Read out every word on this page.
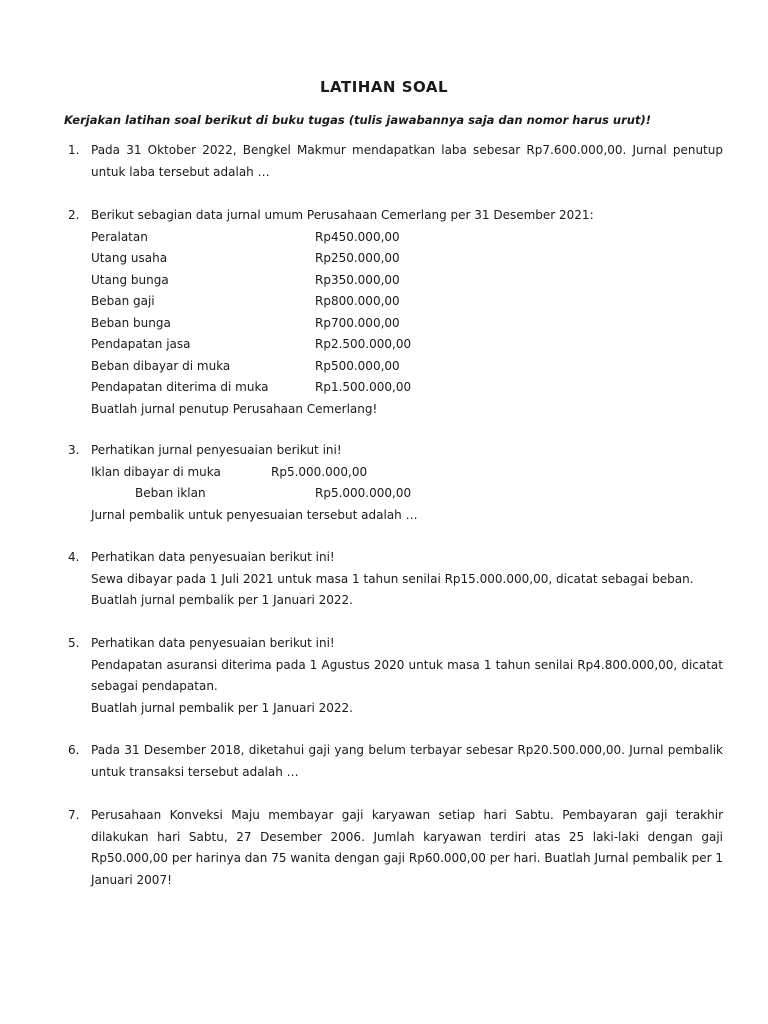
LATIHAN SOAL
Kerjakan latihan soal berikut di buku tugas (tulis jawabannya saja dan nomor harus urut)!
1. Pada 31 Oktober 2022, Bengkel Makmur mendapatkan laba sebesar Rp7.600.000,00. Jurnal penutup untuk laba tersebut adalah …
2. Berikut sebagian data jurnal umum Perusahaan Cemerlang per 31 Desember 2021:
Peralatan	Rp450.000,00
Utang usaha	Rp250.000,00
Utang bunga	Rp350.000,00
Beban gaji	Rp800.000,00
Beban bunga	Rp700.000,00
Pendapatan jasa	Rp2.500.000,00
Beban dibayar di muka	Rp500.000,00
Pendapatan diterima di muka	Rp1.500.000,00
Buatlah jurnal penutup Perusahaan Cemerlang!
3. Perhatikan jurnal penyesuaian berikut ini!
Iklan dibayar di muka	Rp5.000.000,00
Beban iklan	Rp5.000.000,00
Jurnal pembalik untuk penyesuaian tersebut adalah …
4. Perhatikan data penyesuaian berikut ini!
Sewa dibayar pada 1 Juli 2021 untuk masa 1 tahun senilai Rp15.000.000,00, dicatat sebagai beban.
Buatlah jurnal pembalik per 1 Januari 2022.
5. Perhatikan data penyesuaian berikut ini!
Pendapatan asuransi diterima pada 1 Agustus 2020 untuk masa 1 tahun senilai Rp4.800.000,00, dicatat sebagai pendapatan.
Buatlah jurnal pembalik per 1 Januari 2022.
6. Pada 31 Desember 2018, diketahui gaji yang belum terbayar sebesar Rp20.500.000,00. Jurnal pembalik untuk transaksi tersebut adalah …
7. Perusahaan Konveksi Maju membayar gaji karyawan setiap hari Sabtu. Pembayaran gaji terakhir dilakukan hari Sabtu, 27 Desember 2006. Jumlah karyawan terdiri atas 25 laki-laki dengan gaji Rp50.000,00 per harinya dan 75 wanita dengan gaji Rp60.000,00 per hari. Buatlah Jurnal pembalik per 1 Januari 2007!
